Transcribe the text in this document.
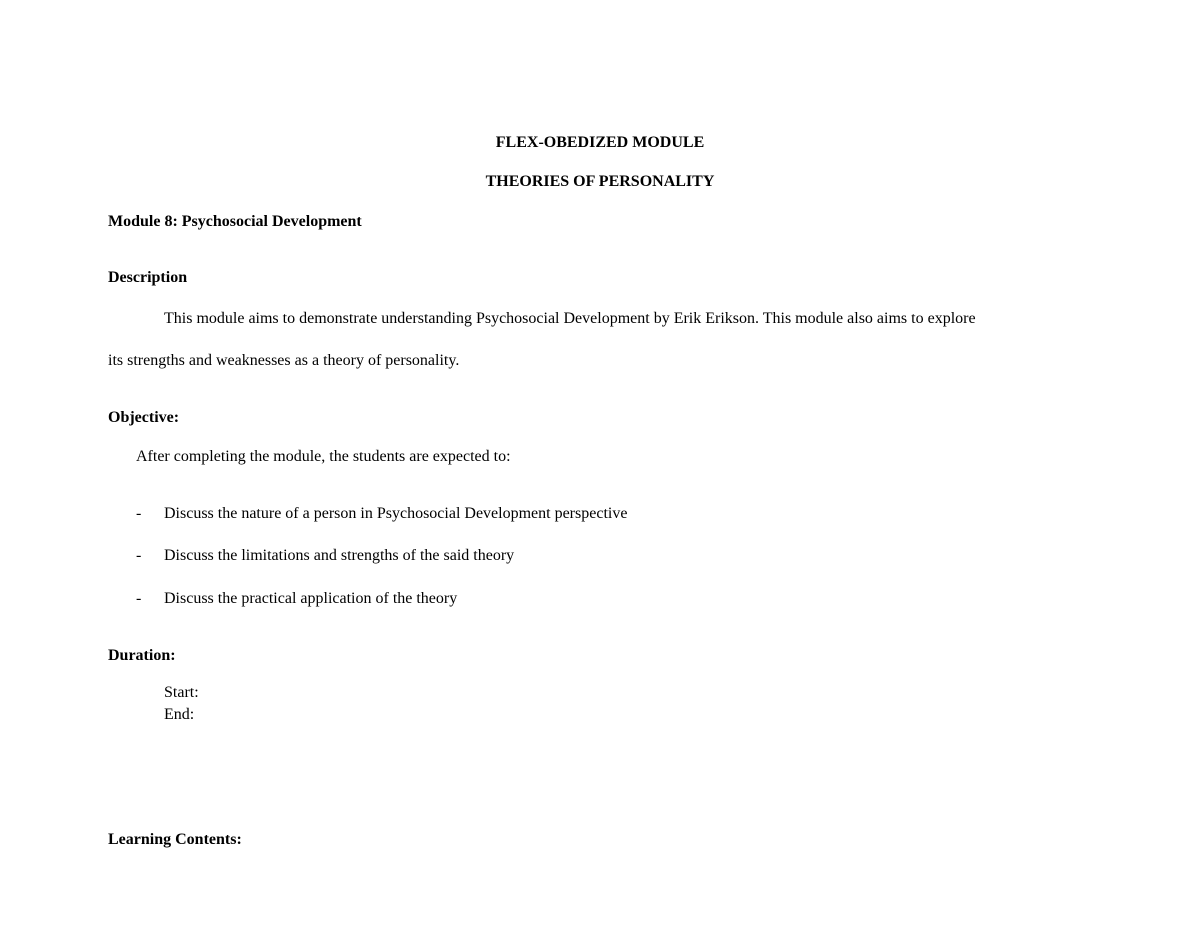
FLEX-OBEDIZED MODULE
THEORIES OF PERSONALITY
Module 8: Psychosocial Development
Description
This module aims to demonstrate understanding Psychosocial Development by Erik Erikson. This module also aims to explore
its strengths and weaknesses as a theory of personality.
Objective:
After completing the module, the students are expected to:
- Discuss the nature of a person in Psychosocial Development perspective
- Discuss the limitations and strengths of the said theory
- Discuss the practical application of the theory
Duration:
Start:
End:
Learning Contents:
